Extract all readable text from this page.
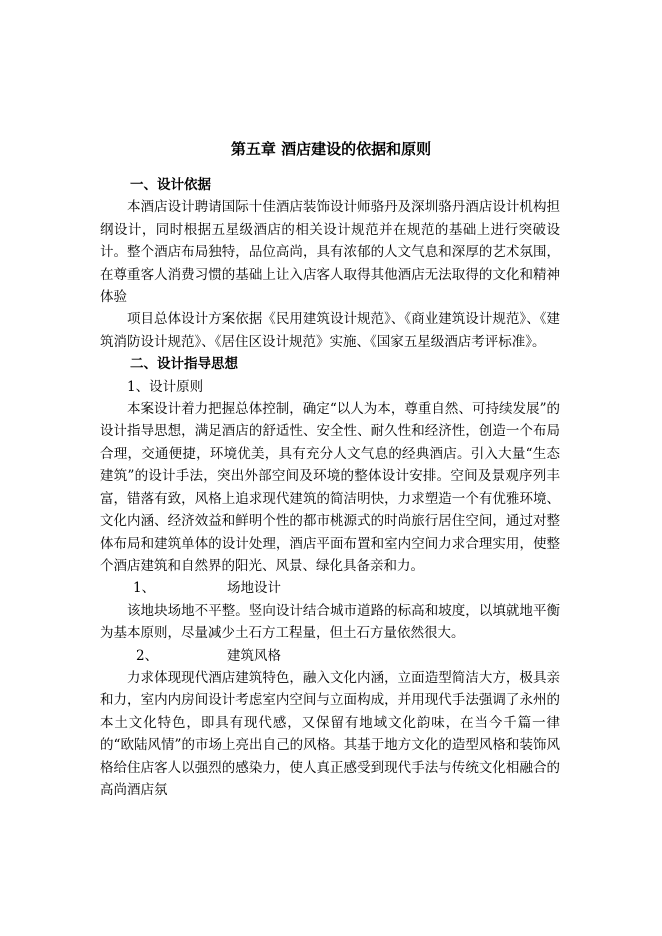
第五章 酒店建设的依据和原则

一、设计依据

本酒店设计聘请国际十佳酒店装饰设计师骆丹及深圳骆丹酒店设计机构担纲设计，同时根据五星级酒店的相关设计规范并在规范的基础上进行突破设计。整个酒店布局独特，品位高尚，具有浓郁的人文气息和深厚的艺术氛围，在尊重客人消费习惯的基础上让入店客人取得其他酒店无法取得的文化和精神体验

项目总体设计方案依据《民用建筑设计规范》、《商业建筑设计规范》、《建筑消防设计规范》、《居住区设计规范》实施、《国家五星级酒店考评标准》。

二、设计指导思想

1、设计原则

本案设计着力把握总体控制，确定“以人为本，尊重自然、可持续发展”的设计指导思想，满足酒店的舒适性、安全性、耐久性和经济性，创造一个布局合理，交通便捷，环境优美，具有充分人文气息的经典酒店。引入大量“生态建筑”的设计手法，突出外部空间及环境的整体设计安排。空间及景观序列丰富，错落有致，风格上追求现代建筑的简洁明快，力求塑造一个有优雅环境、文化内涵、经济效益和鲜明个性的都市桃源式的时尚旅行居住空间，通过对整体布局和建筑单体的设计处理，酒店平面布置和室内空间力求合理实用，使整个酒店建筑和自然界的阳光、风景、绿化具备亲和力。

1、	场地设计

该地块场地不平整。竖向设计结合城市道路的标高和坡度，以填就地平衡为基本原则，尽量减少土石方工程量，但土石方量依然很大。

2、	建筑风格

力求体现现代酒店建筑特色，融入文化内涵，立面造型简洁大方，极具亲和力，室内内房间设计考虑室内空间与立面构成，并用现代手法强调了永州的本土文化特色，即具有现代感，又保留有地域文化韵味，在当今千篇一律的“欧陆风情”的市场上亮出自己的风格。其基于地方文化的造型风格和装饰风格给住店客人以强烈的感染力，使人真正感受到现代手法与传统文化相融合的高尚酒店氛
